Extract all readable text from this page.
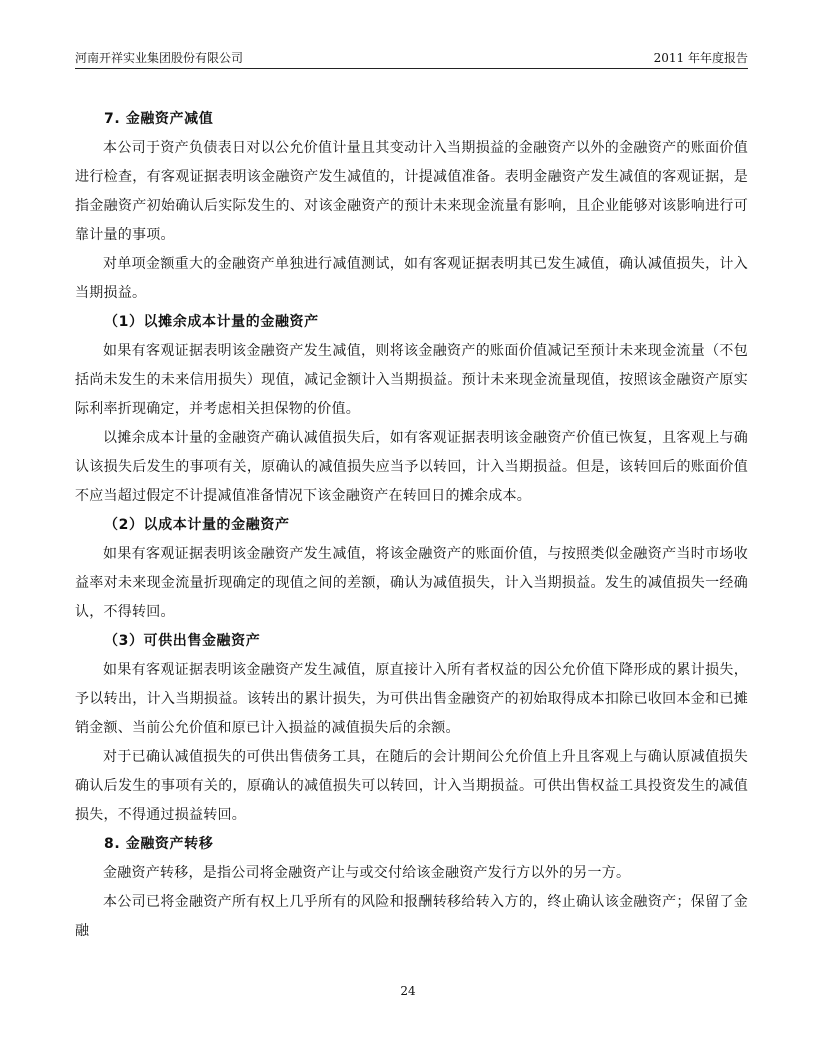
河南开祥实业集团股份有限公司	2011 年年度报告

7. 金融资产减值

本公司于资产负债表日对以公允价值计量且其变动计入当期损益的金融资产以外的金融资产的账面价值进行检查，有客观证据表明该金融资产发生减值的，计提减值准备。表明金融资产发生减值的客观证据，是指金融资产初始确认后实际发生的、对该金融资产的预计未来现金流量有影响，且企业能够对该影响进行可靠计量的事项。

对单项金额重大的金融资产单独进行减值测试，如有客观证据表明其已发生减值，确认减值损失，计入当期损益。

（1）以摊余成本计量的金融资产

如果有客观证据表明该金融资产发生减值，则将该金融资产的账面价值减记至预计未来现金流量（不包括尚未发生的未来信用损失）现值，减记金额计入当期损益。预计未来现金流量现值，按照该金融资产原实际利率折现确定，并考虑相关担保物的价值。

以摊余成本计量的金融资产确认减值损失后，如有客观证据表明该金融资产价值已恢复，且客观上与确认该损失后发生的事项有关，原确认的减值损失应当予以转回，计入当期损益。但是，该转回后的账面价值不应当超过假定不计提减值准备情况下该金融资产在转回日的摊余成本。

（2）以成本计量的金融资产

如果有客观证据表明该金融资产发生减值，将该金融资产的账面价值，与按照类似金融资产当时市场收益率对未来现金流量折现确定的现值之间的差额，确认为减值损失，计入当期损益。发生的减值损失一经确认，不得转回。

（3）可供出售金融资产

如果有客观证据表明该金融资产发生减值，原直接计入所有者权益的因公允价值下降形成的累计损失，予以转出，计入当期损益。该转出的累计损失，为可供出售金融资产的初始取得成本扣除已收回本金和已摊销金额、当前公允价值和原已计入损益的减值损失后的余额。

对于已确认减值损失的可供出售债务工具，在随后的会计期间公允价值上升且客观上与确认原减值损失确认后发生的事项有关的，原确认的减值损失可以转回，计入当期损益。可供出售权益工具投资发生的减值损失，不得通过损益转回。

8. 金融资产转移

金融资产转移，是指公司将金融资产让与或交付给该金融资产发行方以外的另一方。

本公司已将金融资产所有权上几乎所有的风险和报酬转移给转入方的，终止确认该金融资产；保留了金融

24
